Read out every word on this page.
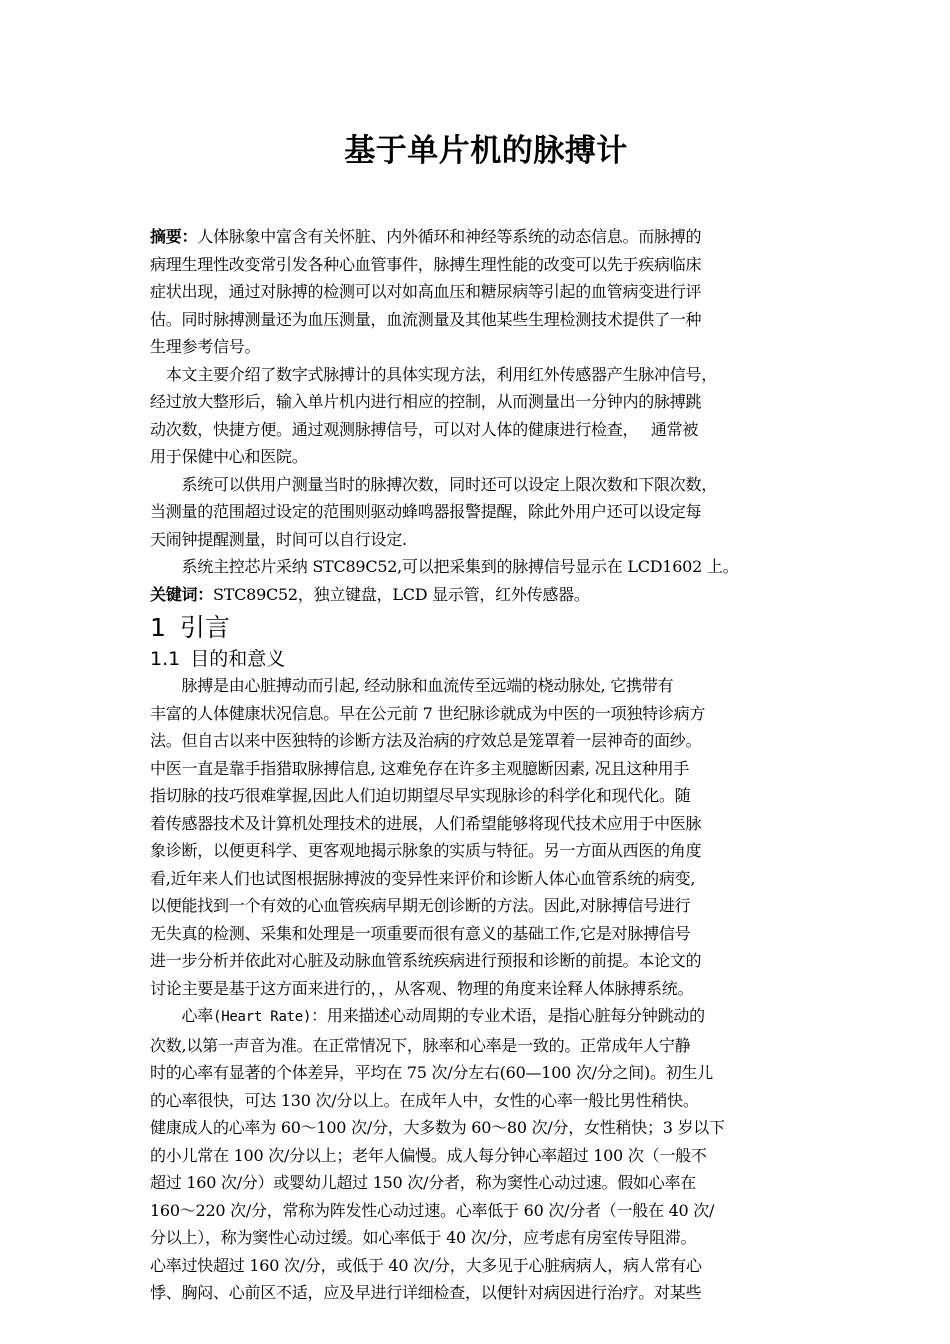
基于单片机的脉搏计
摘要：人体脉象中富含有关怀脏、内外循环和神经等系统的动态信息。而脉搏的
病理生理性改变常引发各种心血管事件，脉搏生理性能的改变可以先于疾病临床
症状出现，通过对脉搏的检测可以对如高血压和糖尿病等引起的血管病变进行评
估。同时脉搏测量还为血压测量，血流测量及其他某些生理检测技术提供了一种
生理参考信号。
　本文主要介绍了数字式脉搏计的具体实现方法，利用红外传感器产生脉冲信号，
经过放大整形后，输入单片机内进行相应的控制，从而测量出一分钟内的脉搏跳
动次数，快捷方便。通过观测脉搏信号，可以对人体的健康进行检查，　 通常被
用于保健中心和医院。
　　系统可以供用户测量当时的脉搏次数，同时还可以设定上限次数和下限次数，
当测量的范围超过设定的范围则驱动蜂鸣器报警提醒，除此外用户还可以设定每
天闹钟提醒测量，时间可以自行设定.
　　系统主控芯片采纳 STC89C52,可以把采集到的脉搏信号显示在 LCD1602 上。
关键词：STC89C52，独立键盘，LCD 显示管，红外传感器。
1 引言
1.1 目的和意义
　　脉搏是由心脏搏动而引起, 经动脉和血流传至远端的桡动脉处, 它携带有
丰富的人体健康状况信息。早在公元前 7 世纪脉诊就成为中医的一项独特诊病方
法。但自古以来中医独特的诊断方法及治病的疗效总是笼罩着一层神奇的面纱。
中医一直是靠手指猎取脉搏信息, 这难免存在许多主观臆断因素, 况且这种用手
指切脉的技巧很难掌握,因此人们迫切期望尽早实现脉诊的科学化和现代化。随
着传感器技术及计算机处理技术的进展，人们希望能够将现代技术应用于中医脉
象诊断，以便更科学、更客观地揭示脉象的实质与特征。另一方面从西医的角度
看,近年来人们也试图根据脉搏波的变异性来评价和诊断人体心血管系统的病变,
以便能找到一个有效的心血管疾病早期无创诊断的方法。因此,对脉搏信号进行
无失真的检测、采集和处理是一项重要而很有意义的基础工作,它是对脉搏信号
进一步分析并依此对心脏及动脉血管系统疾病进行预报和诊断的前提。本论文的
讨论主要是基于这方面来进行的，，从客观、物理的角度来诠释人体脉搏系统。
　　心率(Heart Rate)：用来描述心动周期的专业术语，是指心脏每分钟跳动的
次数,以第一声音为准。在正常情况下，脉率和心率是一致的。正常成年人宁静
时的心率有显著的个体差异，平均在 75 次/分左右(60—100 次/分之间)。初生儿
的心率很快，可达 130 次/分以上。在成年人中，女性的心率一般比男性稍快。
健康成人的心率为 60～100 次/分，大多数为 60～80 次/分，女性稍快；3 岁以下
的小儿常在 100 次/分以上；老年人偏慢。成人每分钟心率超过 100 次（一般不
超过 160 次/分）或婴幼儿超过 150 次/分者，称为窦性心动过速。假如心率在
160～220 次/分，常称为阵发性心动过速。心率低于 60 次/分者（一般在 40 次/
分以上），称为窦性心动过缓。如心率低于 40 次/分，应考虑有房室传导阻滞。
心率过快超过 160 次/分，或低于 40 次/分，大多见于心脏病病人，病人常有心
悸、胸闷、心前区不适，应及早进行详细检查，以便针对病因进行治疗。对某些
